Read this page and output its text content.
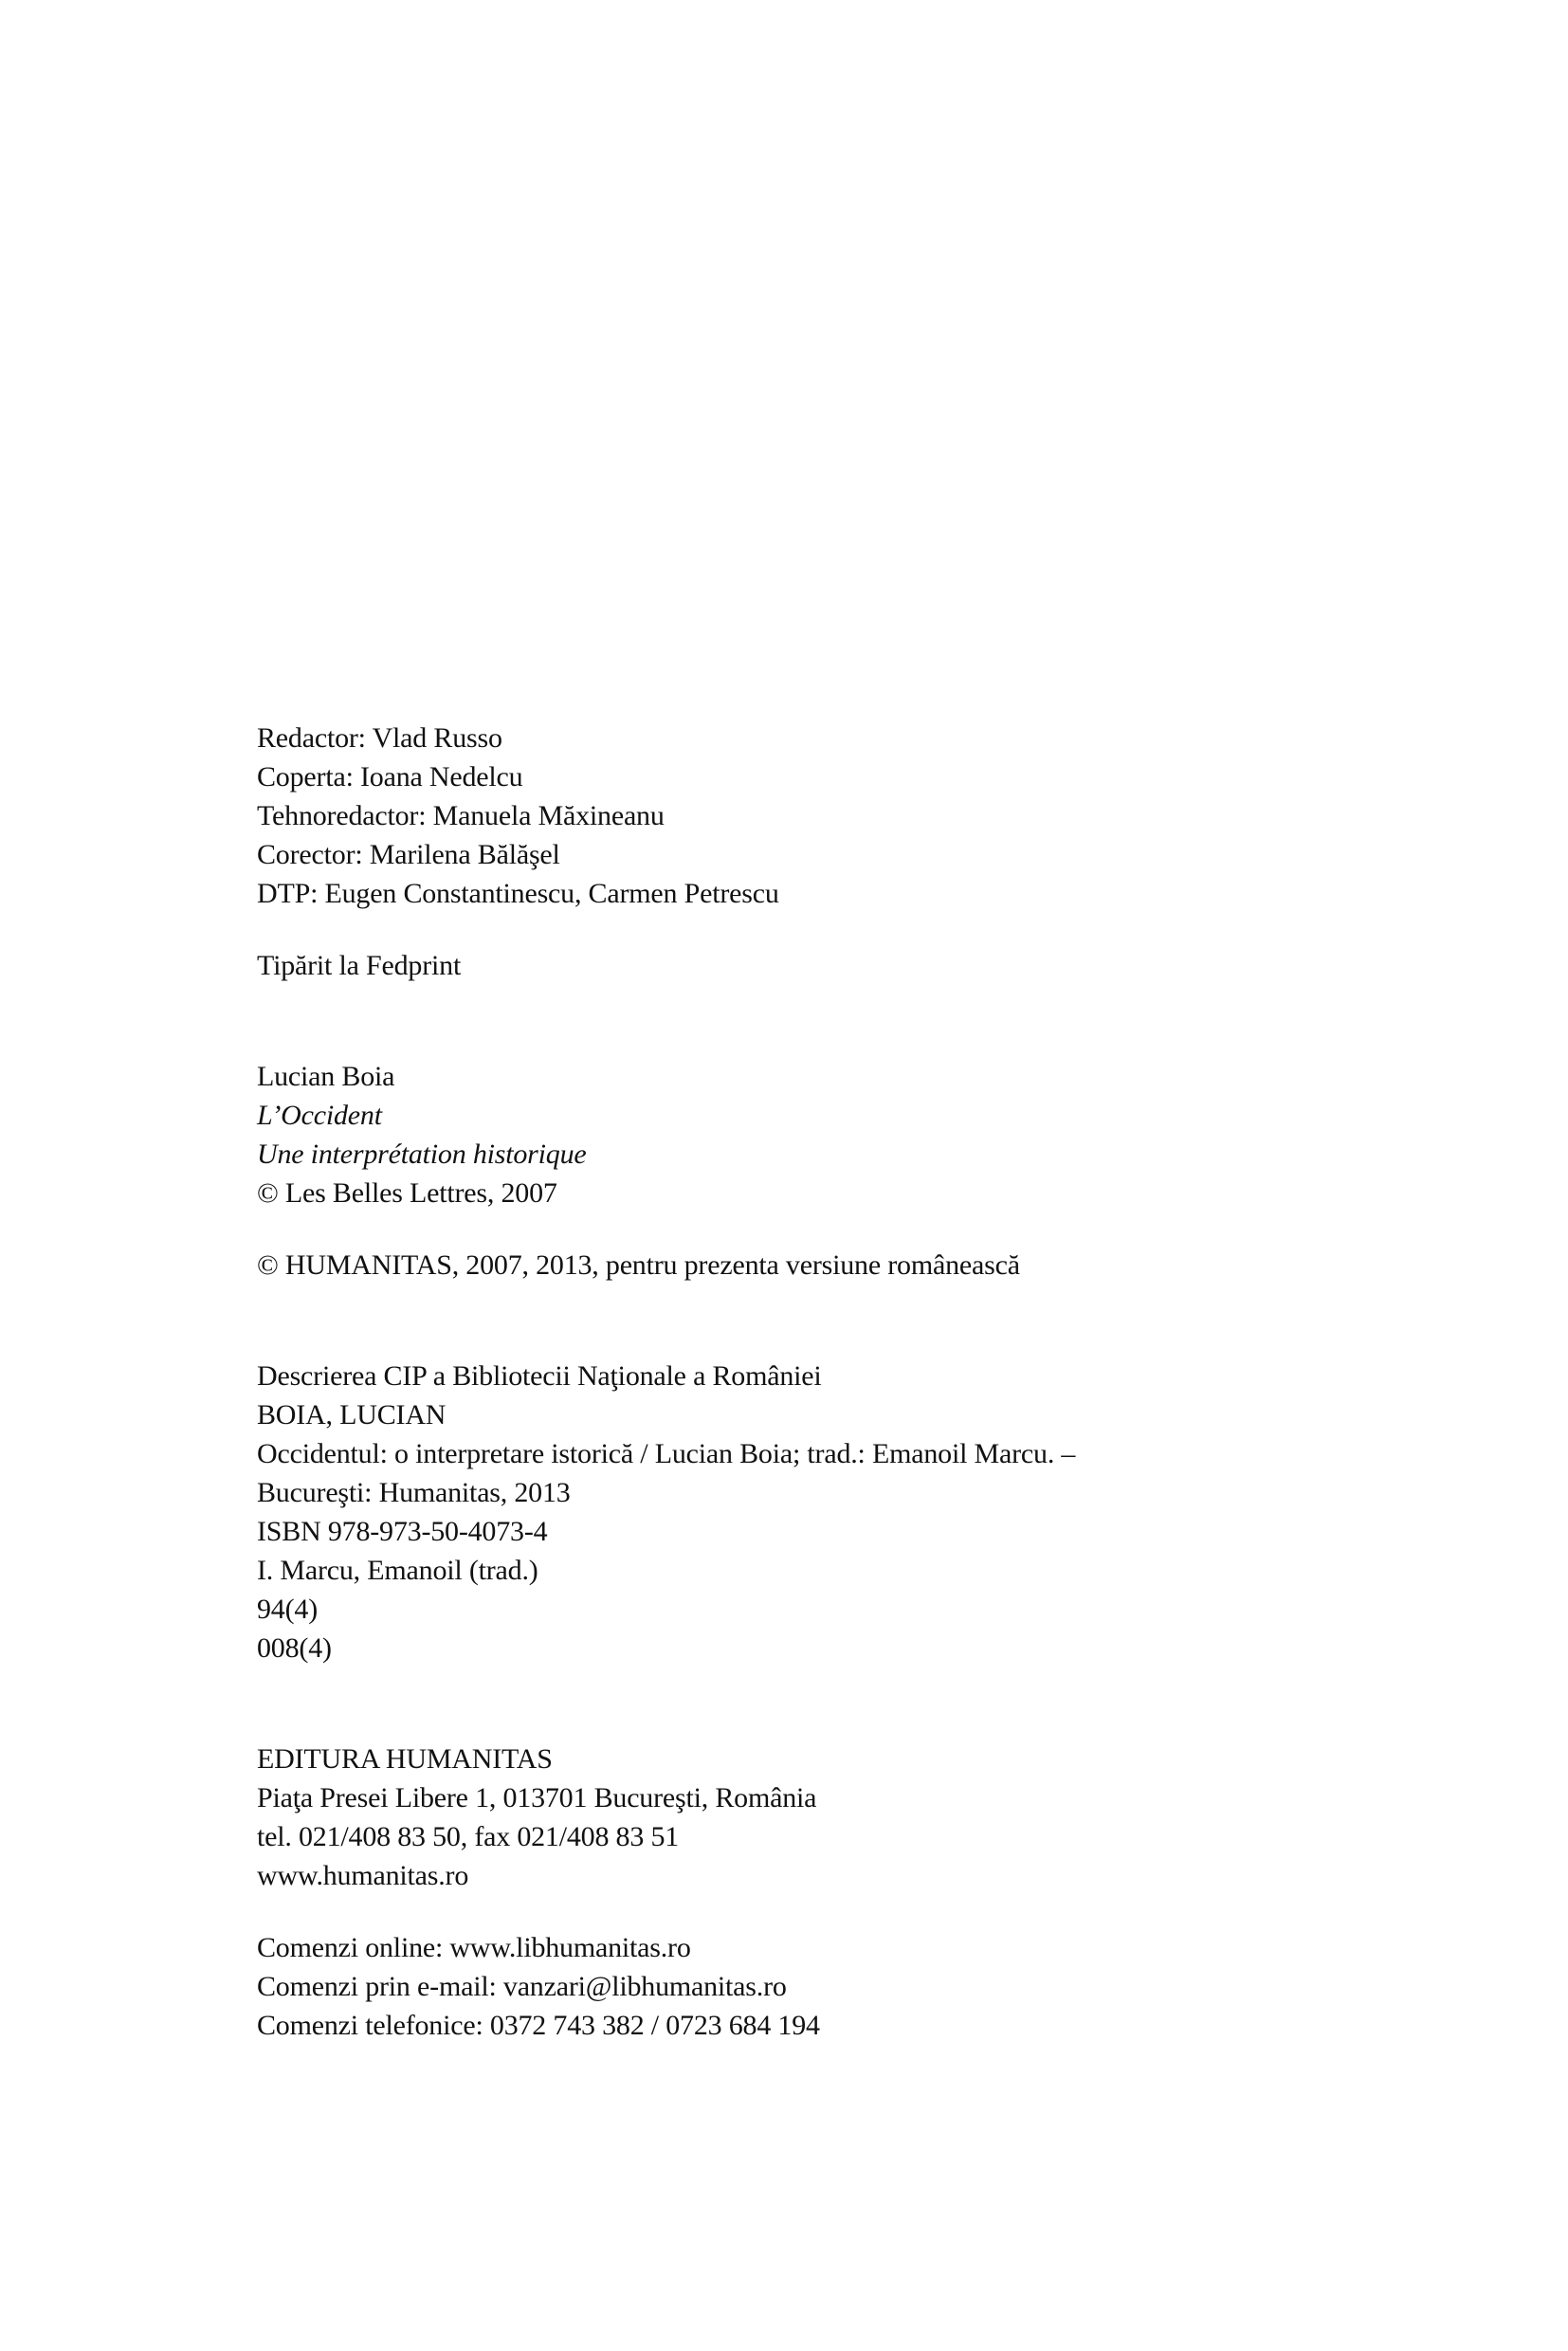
Redactor: Vlad Russo
Coperta: Ioana Nedelcu
Tehnoredactor: Manuela Măxineanu
Corector: Marilena Bălăşel
DTP: Eugen Constantinescu, Carmen Petrescu
Tipărit la Fedprint
Lucian Boia
L’Occident
Une interprétation historique
© Les Belles Lettres, 2007
© HUMANITAS, 2007, 2013, pentru prezenta versiune românească
Descrierea CIP a Bibliotecii Naţionale a României
BOIA, LUCIAN
Occidentul: o interpretare istorică / Lucian Boia; trad.: Emanoil Marcu. –
Bucureşti: Humanitas, 2013
ISBN 978-973-50-4073-4
I. Marcu, Emanoil (trad.)
94(4)
008(4)
EDITURA HUMANITAS
Piaţa Presei Libere 1, 013701 Bucureşti, România
tel. 021/408 83 50, fax 021/408 83 51
www.humanitas.ro
Comenzi online: www.libhumanitas.ro
Comenzi prin e-mail: vanzari@libhumanitas.ro
Comenzi telefonice: 0372 743 382 / 0723 684 194
